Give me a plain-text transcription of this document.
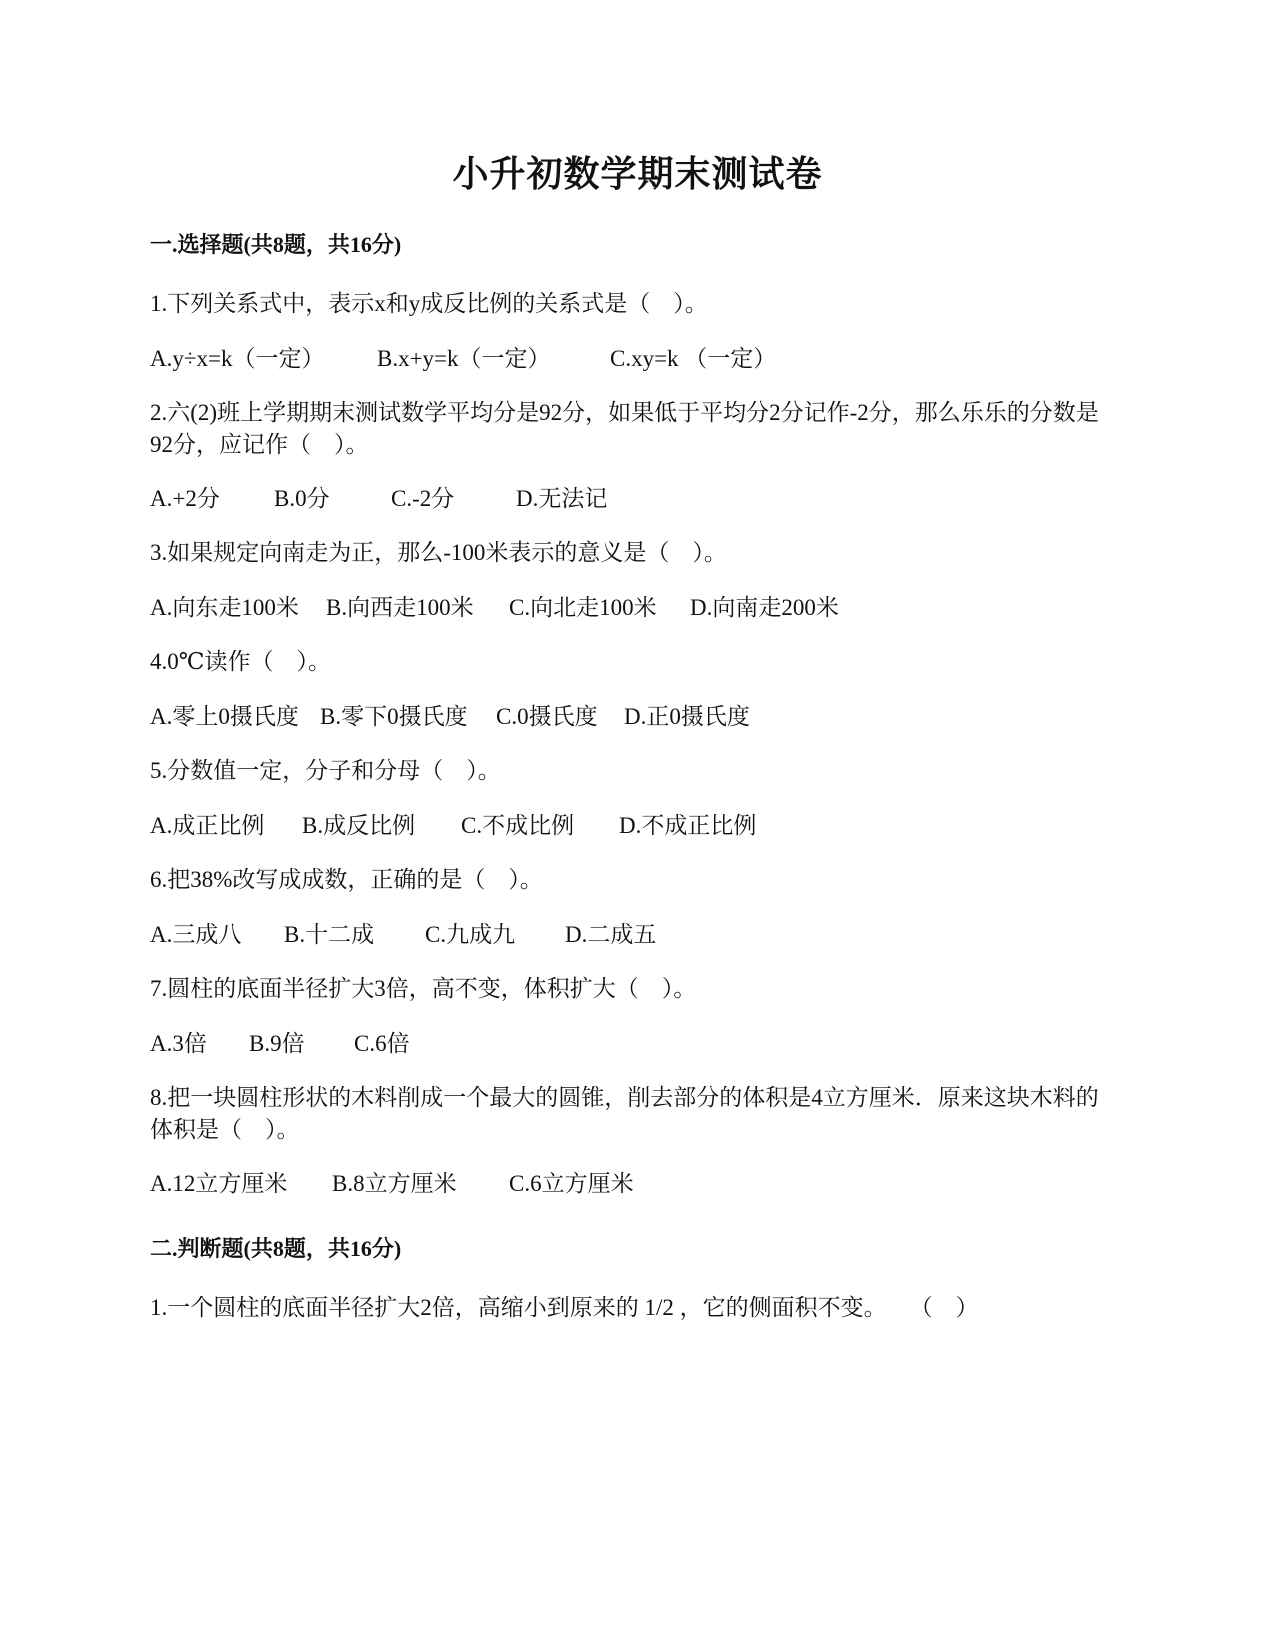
小升初数学期末测试卷
一.选择题(共8题，共16分)

1.下列关系式中，表示x和y成反比例的关系式是（　）。

A.y÷x=k（一定） B.x+y=k（一定）	C.xy=k （一定）

2.六(2)班上学期期末测试数学平均分是92分，如果低于平均分2分记作-2分，那么乐乐的分数是92分，应记作（　）。

A.+2分 B.0分	C.-2分	D.无法记

3.如果规定向南走为正，那么-100米表示的意义是（　）。

A.向东走100米 B.向西走100米 C.向北走100米 D.向南走200米

4.0℃读作（　）。

A.零上0摄氏度 B.零下0摄氏度 C.0摄氏度 D.正0摄氏度

5.分数值一定，分子和分母（　）。

A.成正比例 B.成反比例 C.不成比例 D.不成正比例

6.把38%改写成成数，正确的是（　）。

A.三成八 B.十二成 C.九成九 D.二成五

7.圆柱的底面半径扩大3倍，高不变，体积扩大（　）。

A.3倍 B.9倍 C.6倍

8.把一块圆柱形状的木料削成一个最大的圆锥，削去部分的体积是4立方厘米．原来这块木料的体积是（　）。

A.12立方厘米 B.8立方厘米 C.6立方厘米
二.判断题(共8题，共16分)

1.一个圆柱的底面半径扩大2倍，高缩小到原来的 1/2 ，它的侧面积不变。　　（　）
